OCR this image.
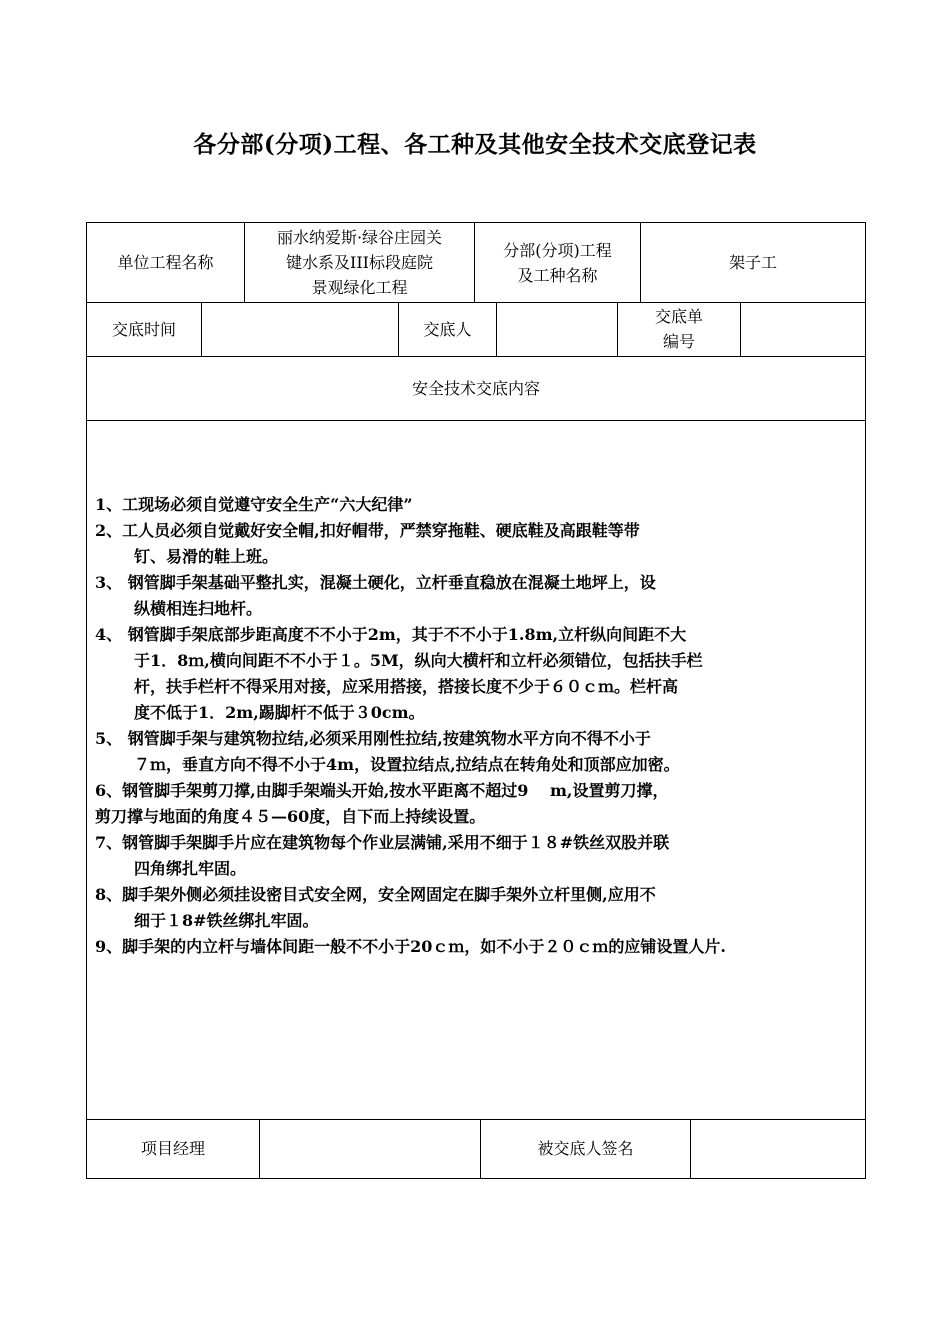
各分部(分项)工程、各工种及其他安全技术交底登记表
单位工程名称
丽水纳爱斯·绿谷庄园关
键水系及ⅠII标段庭院
景观绿化工程
分部(分项)工程
及工种名称
架子工
交底时间	交底人
交底单
编号
安全技术交底内容

1、工现场必须自觉遵守安全生产“六大纪律”

2、工人员必须自觉戴好安全帽,扣好帽带，严禁穿拖鞋、硬底鞋及高跟鞋等带

钉、易滑的鞋上班。

3、 钢管脚手架基础平整扎实，混凝土硬化，立杆垂直稳放在混凝土地坪上，设

纵横相连扫地杆。

4、 钢管脚手架底部步距高度不不小于2m，其于不不小于1.8m,立杆纵向间距不大

于1．8ｍ,横向间距不不小于１。5M，纵向大横杆和立杆必须错位，包括扶手栏

杆，扶手栏杆不得采用对接，应采用搭接，搭接长度不少于６０ｃｍ。栏杆高

度不低于1．2m,踢脚杆不低于３0cm。

5、 钢管脚手架与建筑物拉结,必须采用刚性拉结,按建筑物水平方向不得不小于

７ｍ，垂直方向不得不小于4m，设置拉结点,拉结点在转角处和顶部应加密。

6、钢管脚手架剪刀撑,由脚手架端头开始,按水平距离不超过9　 m,设置剪刀撑，

剪刀撑与地面的角度４５—60度，自下而上持续设置。

7、钢管脚手架脚手片应在建筑物每个作业层满铺,采用不细于１８#铁丝双股并联

四角绑扎牢固。

8、脚手架外侧必须挂设密目式安全网，安全网固定在脚手架外立杆里侧,应用不

细于１8#铁丝绑扎牢固。

9、脚手架的内立杆与墙体间距一般不不小于20ｃｍ，如不小于２０ｃｍ的应铺设置人片.

项目经理	被交底人签名
